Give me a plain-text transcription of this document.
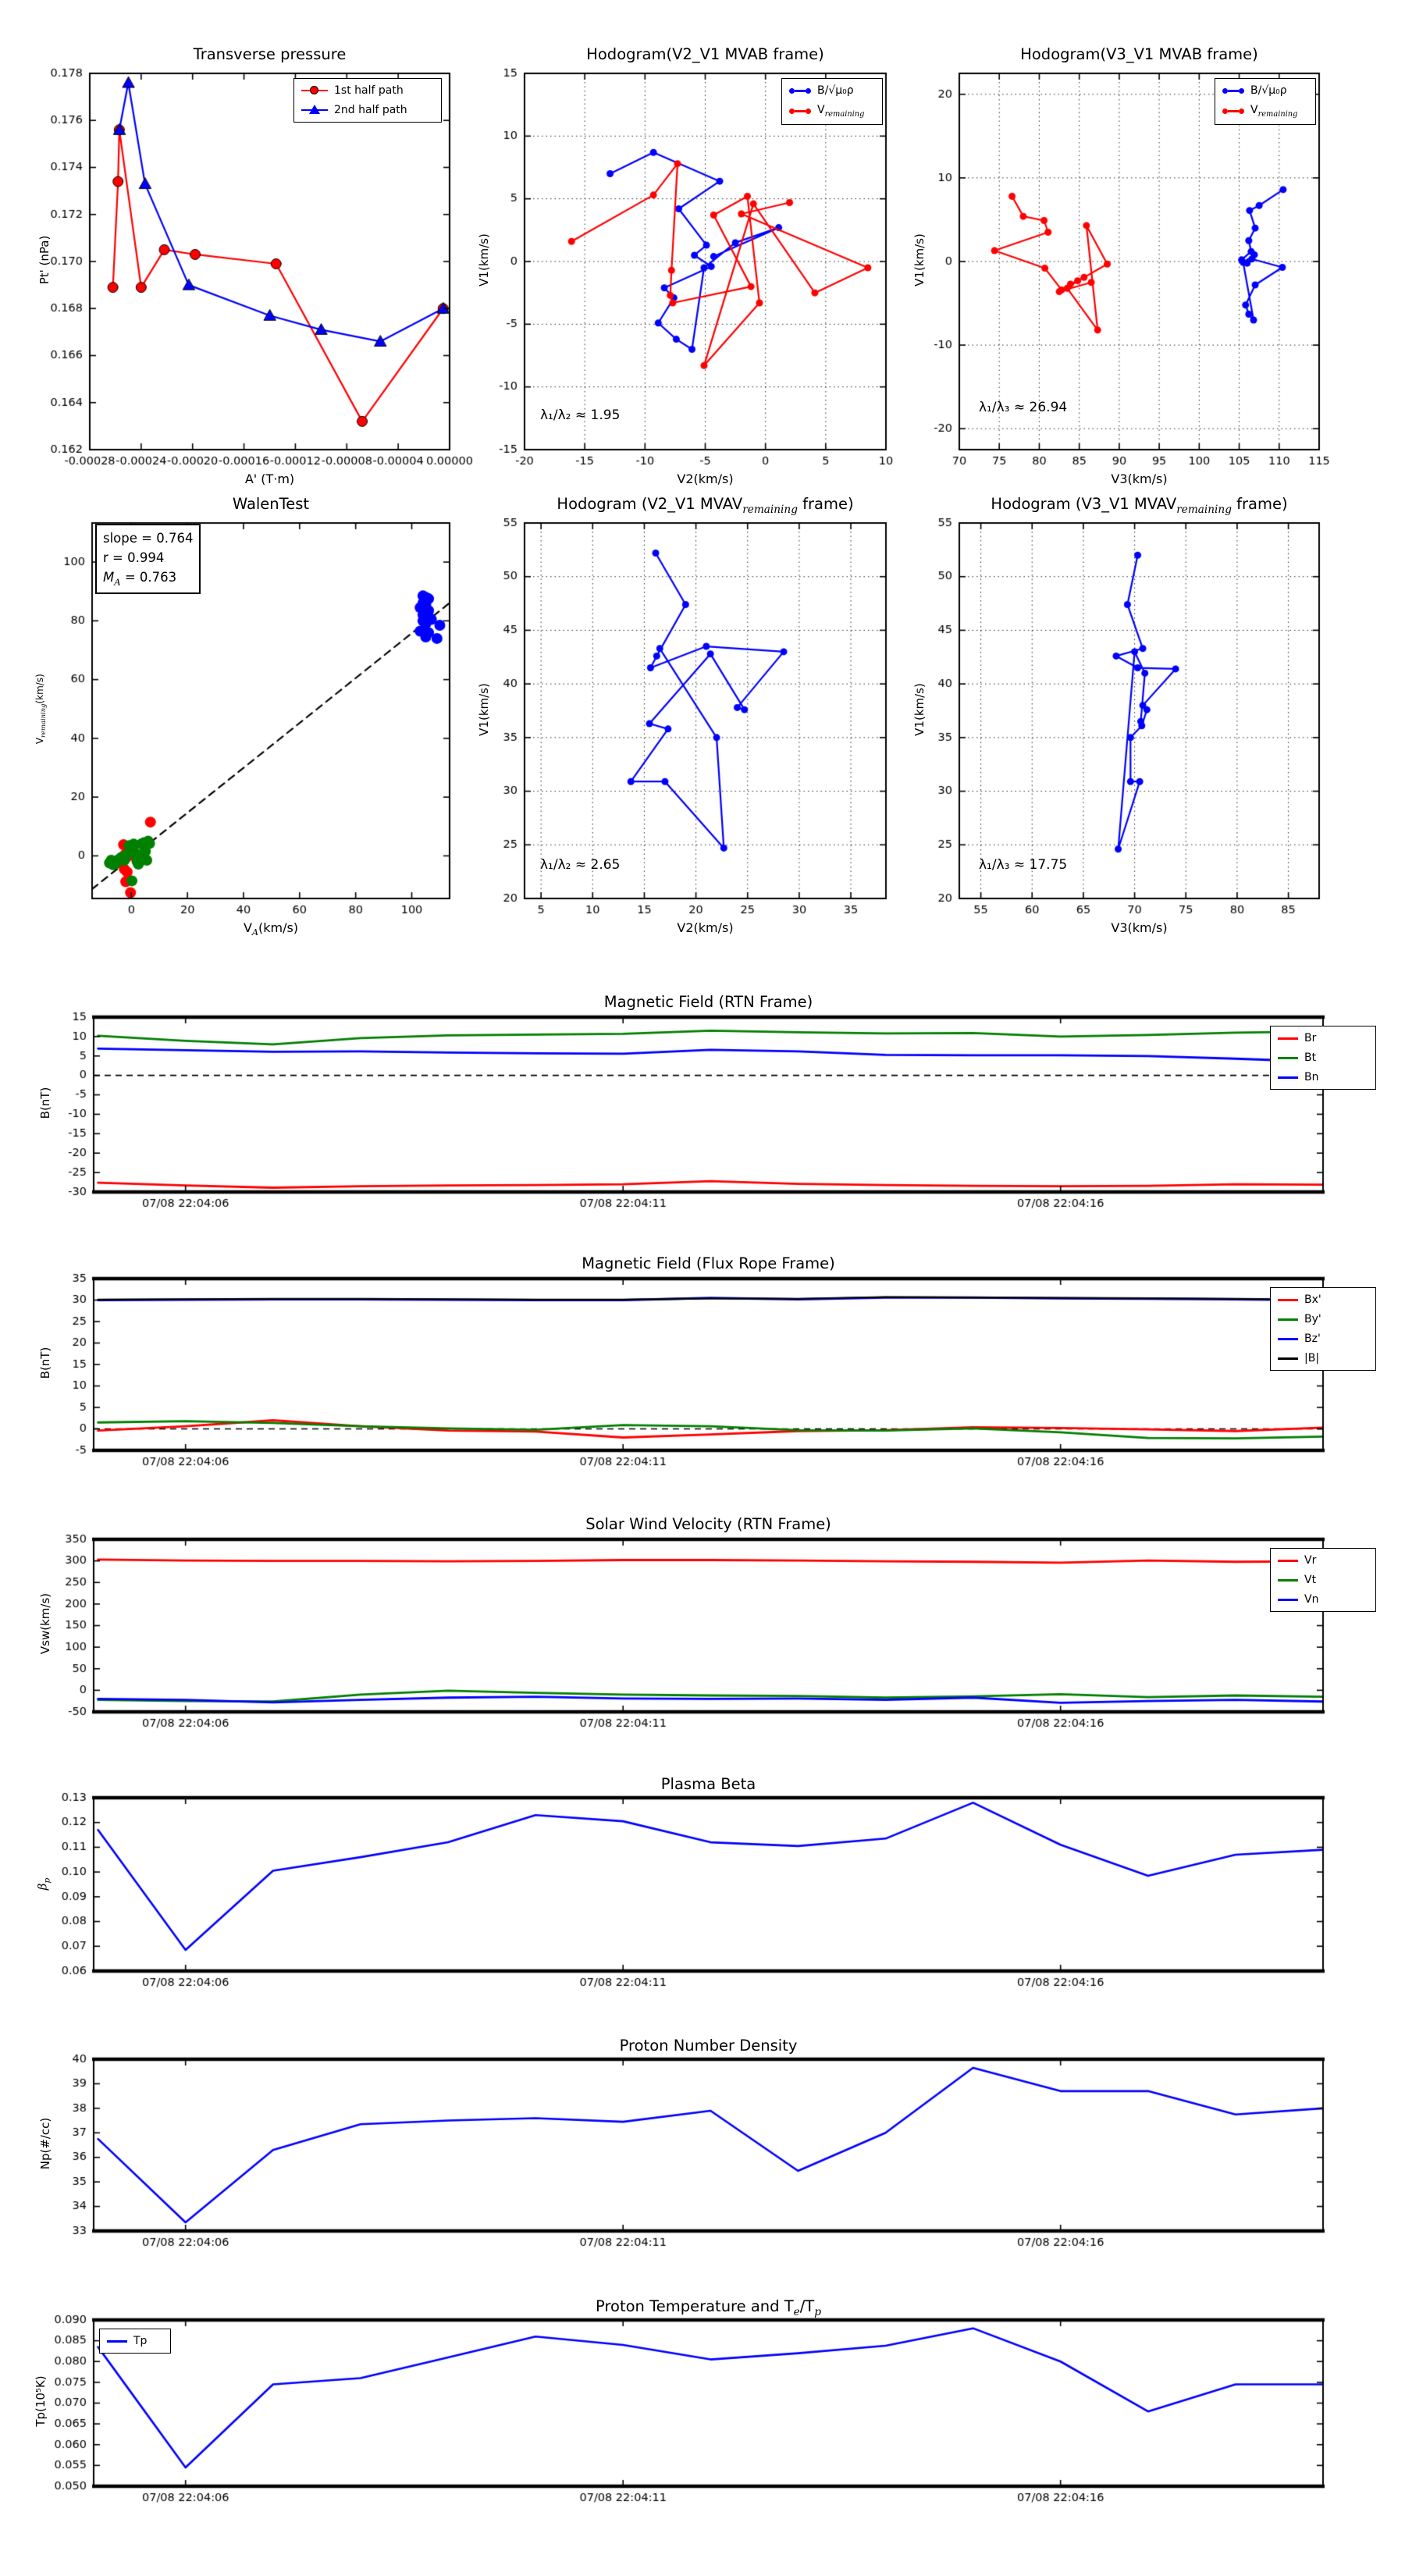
Transverse pressure
A' (T·m)
Pt' (nPa)
1st half path
2nd half path
Hodogram(V2_V1 MVAB frame)
V2(km/s)
V1(km/s)
λ₁/λ₂ ≈ 1.95
B/√μ₀ρ
$V_{remaining}$
Hodogram(V3_V1 MVAB frame)
V3(km/s)
V1(km/s)
λ₁/λ₃ ≈ 26.94
B/√μ₀ρ
$V_{remaining}$
WalenTest
$V_A(km/s)$
$V_{remaining}(km/s)$
slope = 0.764
r = 0.994
$M_A = 0.763$
Hodogram (V2_V1 $MVAV_{remaining}$ frame)
V2(km/s)
V1(km/s)
λ₁/λ₂ ≈ 2.65
Hodogram (V3_V1 $MVAV_{remaining}$ frame)
V3(km/s)
V1(km/s)
λ₁/λ₃ ≈ 17.75
Magnetic Field (RTN Frame)
B(nT)
Br
Bt
Bn
Magnetic Field (Flux Rope Frame)
B(nT)
Bx'
By'
Bz'
|B|
Solar Wind Velocity (RTN Frame)
Vsw(km/s)
Vr
Vt
Vn
Plasma Beta
$\beta_p$
Proton Number Density
Np(#/cc)
Proton Temperature and $T_e/T_p$
Tp(10⁵K)
Tp
